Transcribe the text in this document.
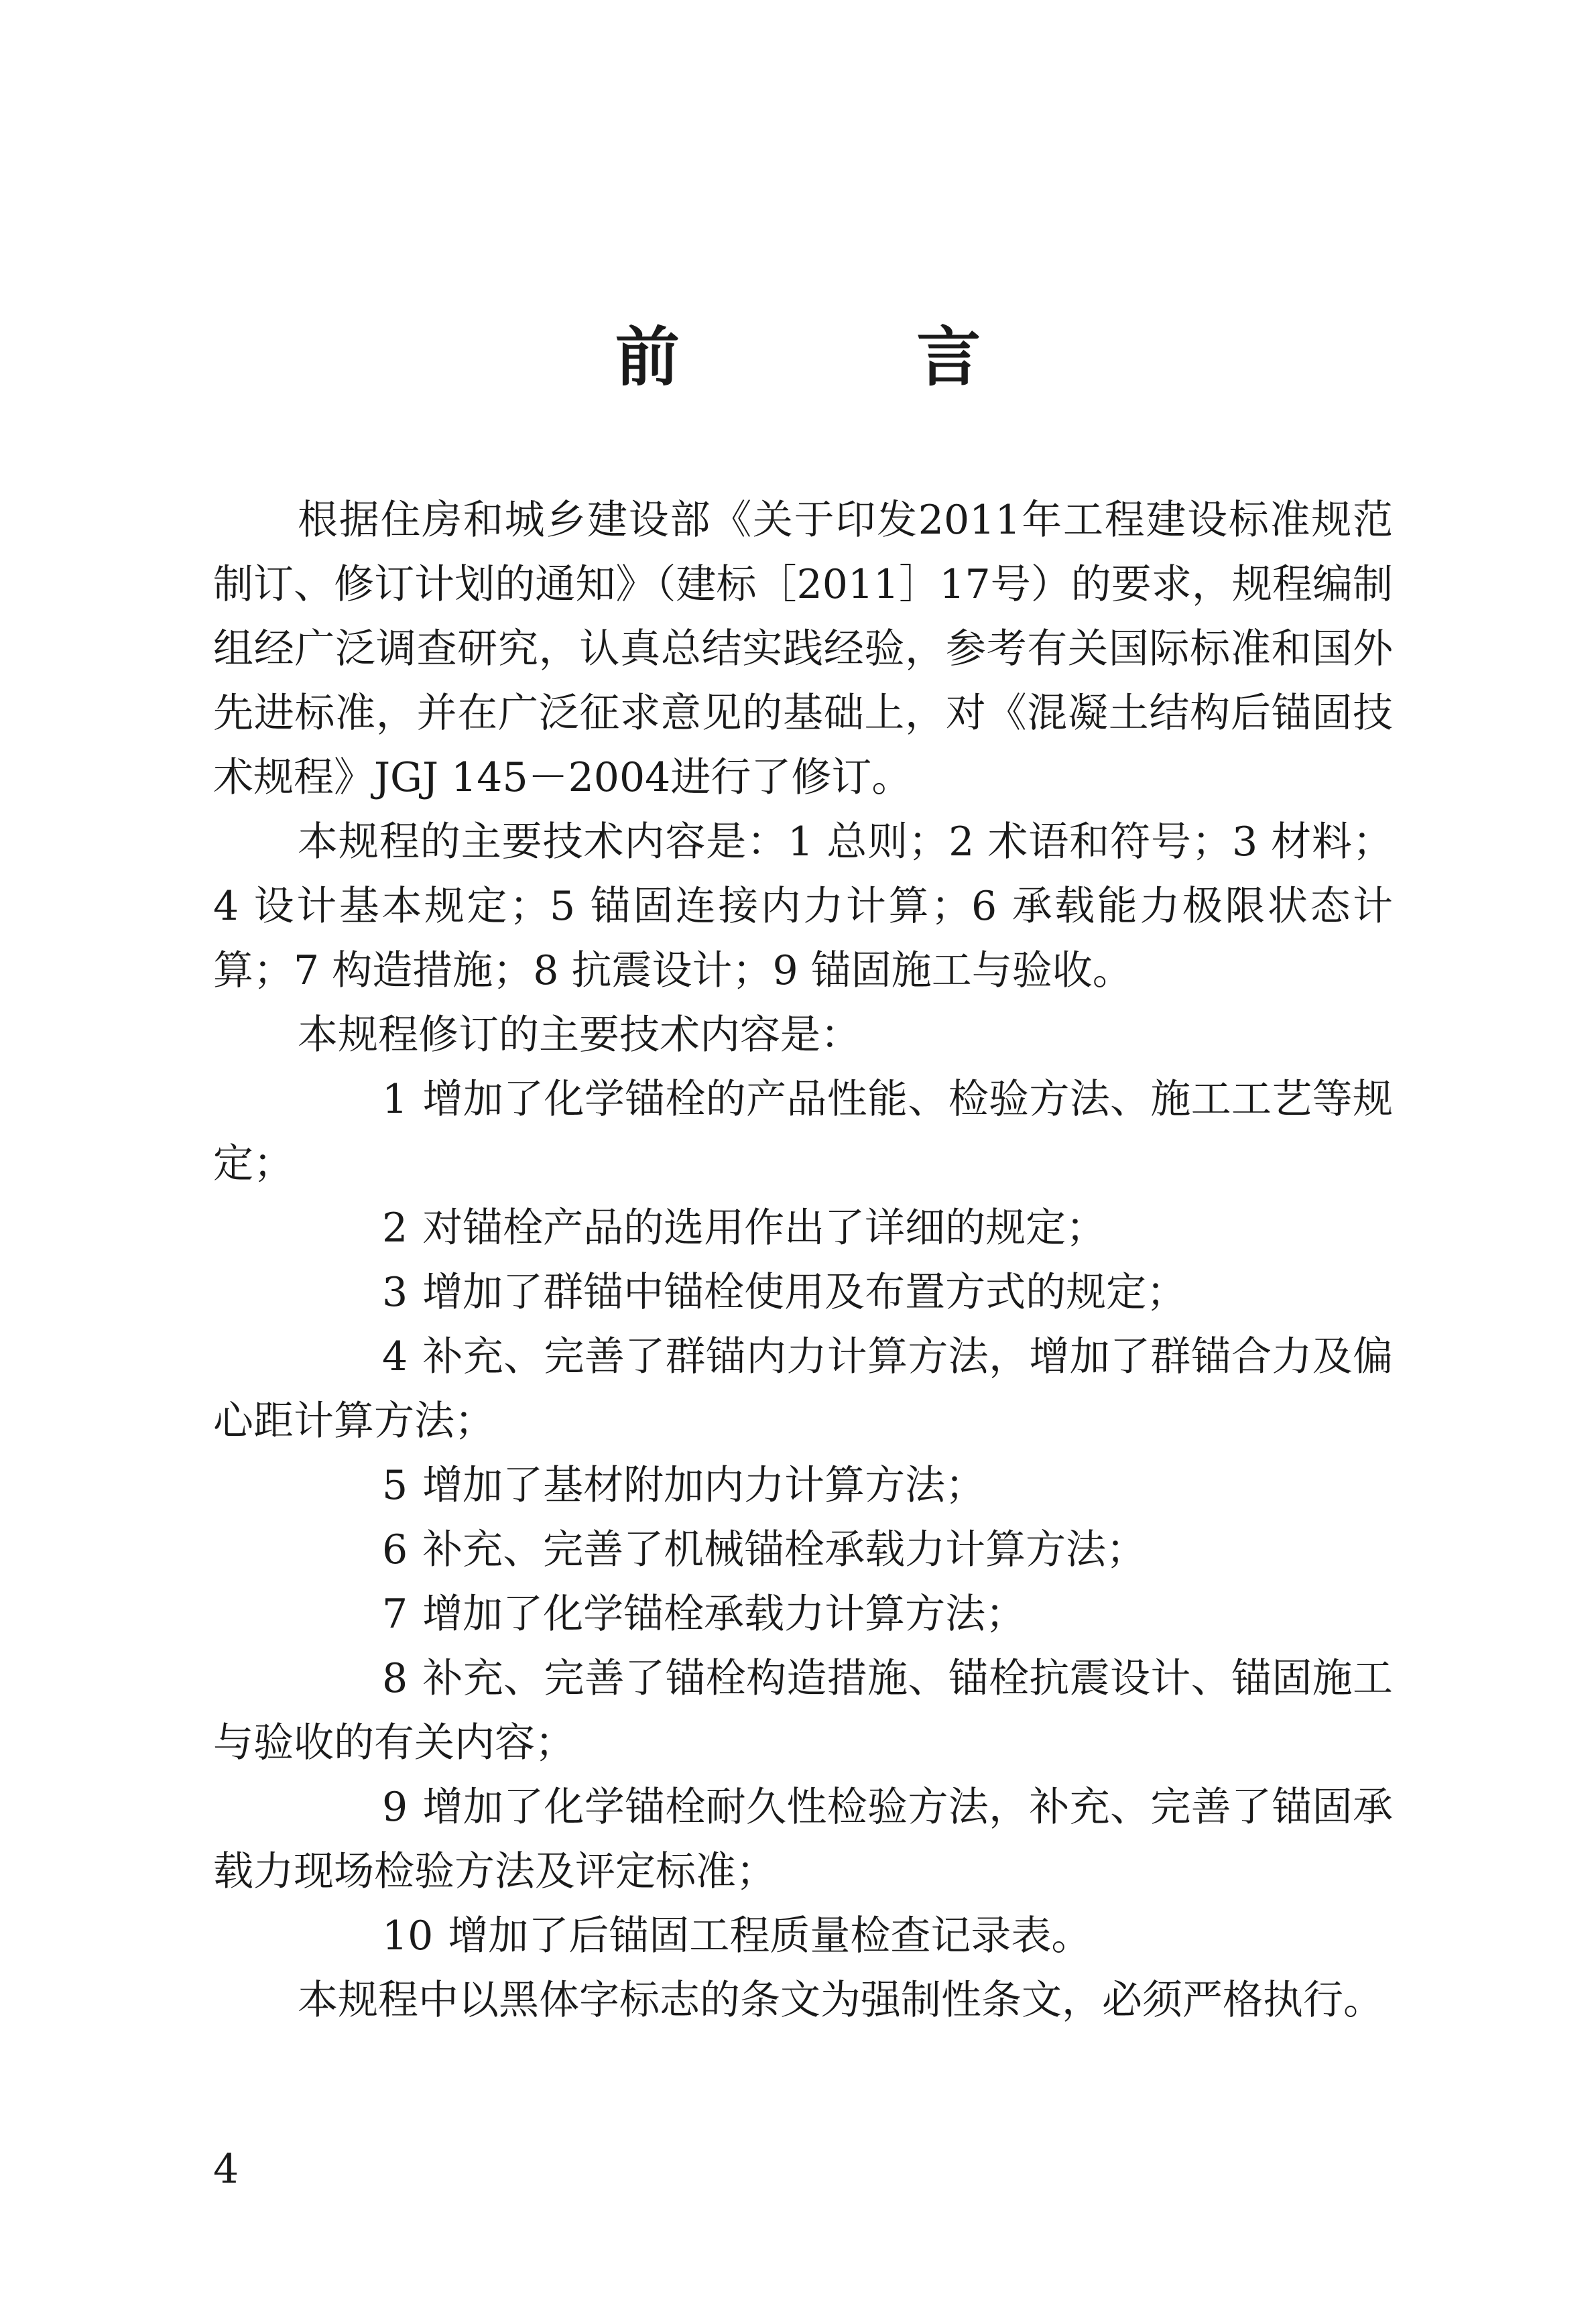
前 言

根据住房和城乡建设部《关于印发2011年工程建设标准规范制订、修订计划的通知》（建标［2011］17号）的要求，规程编制组经广泛调查研究，认真总结实践经验，参考有关国际标准和国外先进标准，并在广泛征求意见的基础上，对《混凝土结构后锚固技术规程》JGJ 145－2004进行了修订。

本规程的主要技术内容是：1 总则；2 术语和符号；3 材料；4 设计基本规定；5 锚固连接内力计算；6 承载能力极限状态计算；7 构造措施；8 抗震设计；9 锚固施工与验收。

本规程修订的主要技术内容是：

1 增加了化学锚栓的产品性能、检验方法、施工工艺等规定；

2 对锚栓产品的选用作出了详细的规定；

3 增加了群锚中锚栓使用及布置方式的规定；

4 补充、完善了群锚内力计算方法，增加了群锚合力及偏心距计算方法；

5 增加了基材附加内力计算方法；

6 补充、完善了机械锚栓承载力计算方法；

7 增加了化学锚栓承载力计算方法；

8 补充、完善了锚栓构造措施、锚栓抗震设计、锚固施工与验收的有关内容；

9 增加了化学锚栓耐久性检验方法，补充、完善了锚固承载力现场检验方法及评定标准；

10 增加了后锚固工程质量检查记录表。

本规程中以黑体字标志的条文为强制性条文，必须严格执行。

4
